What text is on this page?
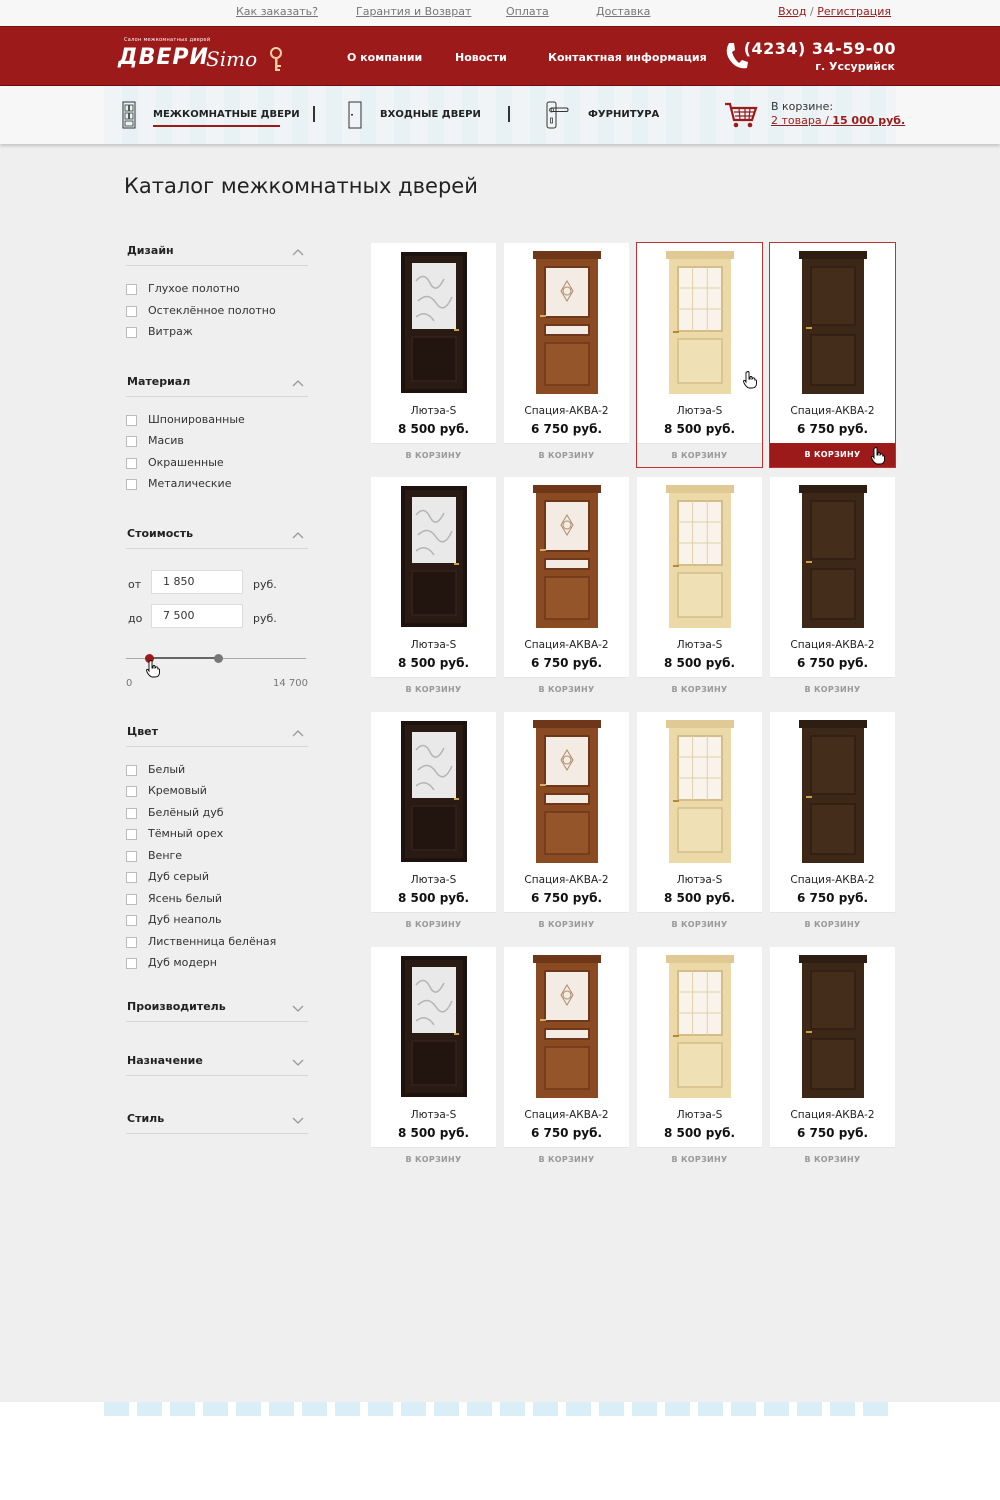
Как заказать?	Гарантия и Возврат	Оплата	Доставка	Вход / Регистрация
Салон межкомнатных дверей
ДВЕРИ
Simo	О компании	Новости	Контактная информация (4234) 34-59-00
г. Уссурийск
МЕЖКОМНАТНЫЕ ДВЕРИ	ВХОДНЫЕ ДВЕРИ	ФУРНИТУРА
В корзине:
2 товара / 15 000 руб.
Каталог межкомнатных дверей
Дизайн
Глухое полотно
Остеклённое полотно
Витраж
Материал
Шпонированные
Масив
Окрашенные
Металические
Стоимость
от
1 850	руб.
до
7 500	руб.
0	14 700
Цвет
Белый
Кремовый
Белёный дуб
Тёмный орех
Венге
Дуб серый
Ясень белый
Дуб неаполь
Лиственница белёная
Дуб модерн
Производитель
Назначение
Стиль
Лютэа-S
8 500 руб.
В КОРЗИНУ
Спация-АКВА-2
6 750 руб.
В КОРЗИНУ
Лютэа-S
8 500 руб.
В КОРЗИНУ
Спация-АКВА-2
6 750 руб.
В КОРЗИНУ
Лютэа-S
8 500 руб.
В КОРЗИНУ
Спация-АКВА-2
6 750 руб.
В КОРЗИНУ
Лютэа-S
8 500 руб.
В КОРЗИНУ
Спация-АКВА-2
6 750 руб.
В КОРЗИНУ
Лютэа-S
8 500 руб.
В КОРЗИНУ
Спация-АКВА-2
6 750 руб.
В КОРЗИНУ
Лютэа-S
8 500 руб.
В КОРЗИНУ
Спация-АКВА-2
6 750 руб.
В КОРЗИНУ
Лютэа-S
8 500 руб.
В КОРЗИНУ
Спация-АКВА-2
6 750 руб.
В КОРЗИНУ
Лютэа-S
8 500 руб.
В КОРЗИНУ
Спация-АКВА-2
6 750 руб.
В КОРЗИНУ
